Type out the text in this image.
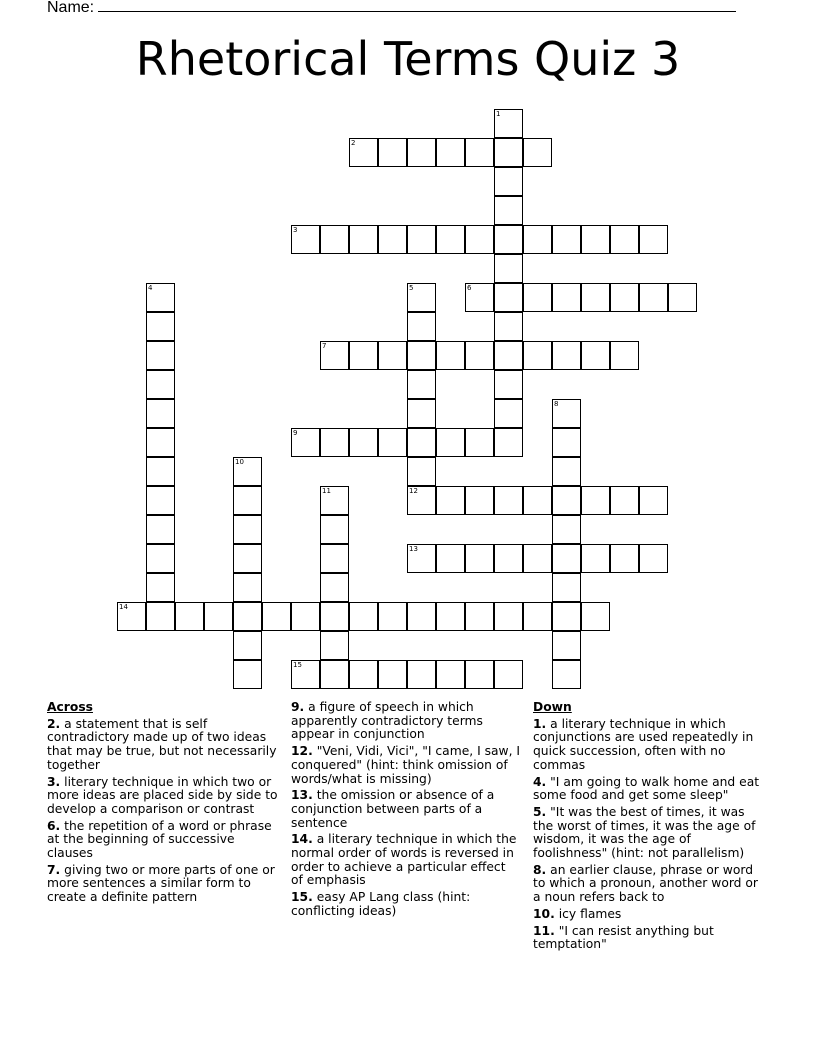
Name:
Rhetorical Terms Quiz 3
2
3
6
7
9
12
13
14
15
1
4	5
8
10
11
Across
2. a statement that is self contradictory made up of two ideas that may be true, but not necessarily together
3. literary technique in which two or more ideas are placed side by side to develop a comparison or contrast
6. the repetition of a word or phrase at the beginning of successive clauses
7. giving two or more parts of one or more sentences a similar form to create a definite pattern
9. a figure of speech in which apparently contradictory terms appear in conjunction
12. "Veni, Vidi, Vici", "I came, I saw, I conquered" (hint: think omission of words/what is missing)
13. the omission or absence of a conjunction between parts of a sentence
14. a literary technique in which the normal order of words is reversed in order to achieve a particular effect of emphasis
15. easy AP Lang class (hint: conflicting ideas)
Down
1. a literary technique in which conjunctions are used repeatedly in quick succession, often with no commas
4. "I am going to walk home and eat some food and get some sleep"
5. "It was the best of times, it was the worst of times, it was the age of wisdom, it was the age of foolishness" (hint: not parallelism)
8. an earlier clause, phrase or word to which a pronoun, another word or a noun refers back to
10. icy flames
11. "I can resist anything but temptation"
